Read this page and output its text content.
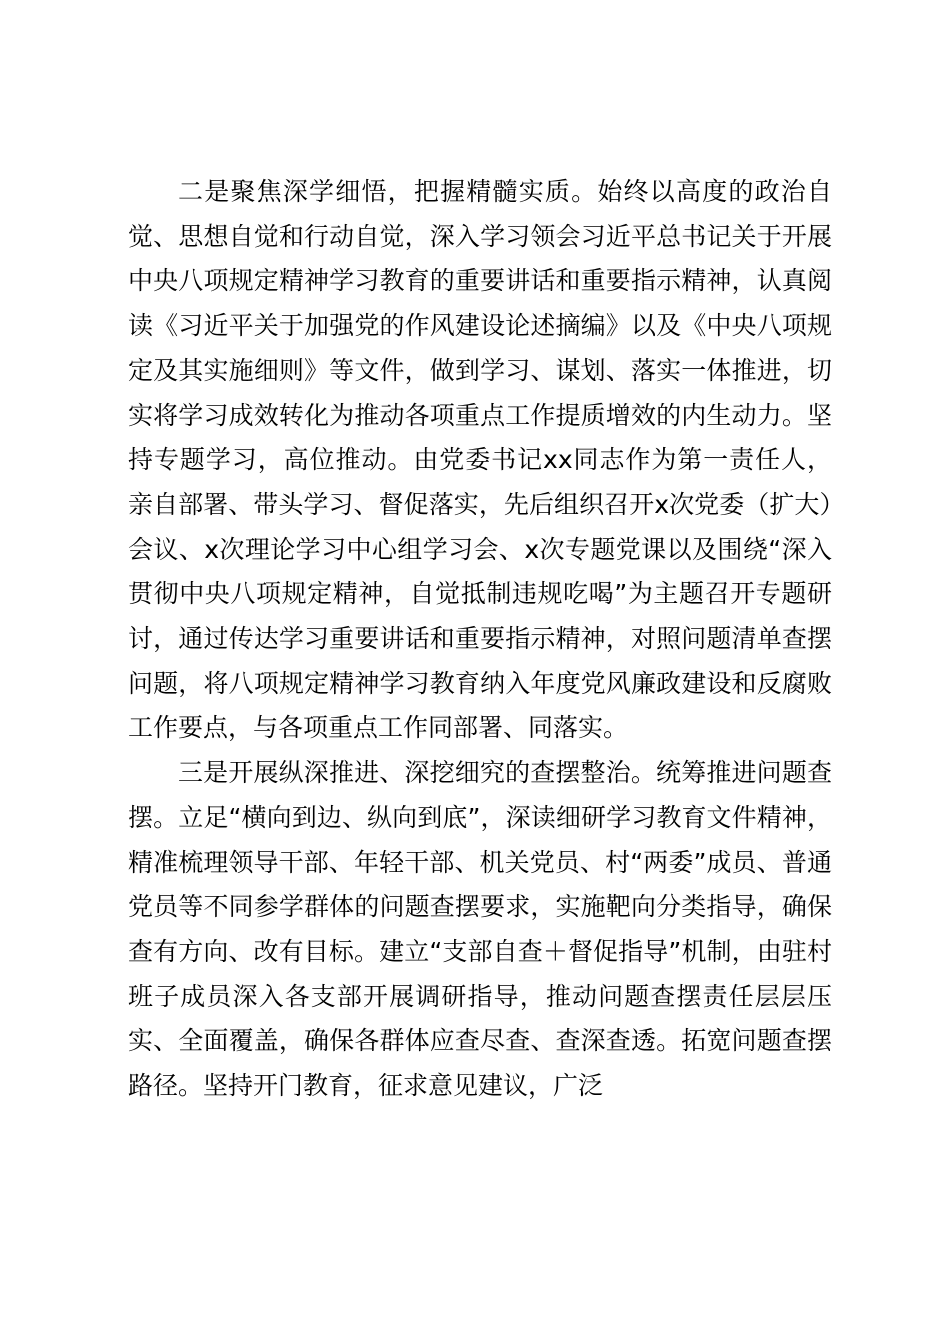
二是聚焦深学细悟，把握精髓实质。始终以高度的政治自觉、思想自觉和行动自觉，深入学习领会习近平总书记关于开展中央八项规定精神学习教育的重要讲话和重要指示精神，认真阅读《习近平关于加强党的作风建设论述摘编》以及《中央八项规定及其实施细则》等文件，做到学习、谋划、落实一体推进，切实将学习成效转化为推动各项重点工作提质增效的内生动力。坚持专题学习，高位推动。由党委书记xx同志作为第一责任人，亲自部署、带头学习、督促落实，先后组织召开x次党委（扩大）会议、x次理论学习中心组学习会、x次专题党课以及围绕“深入贯彻中央八项规定精神，自觉抵制违规吃喝”为主题召开专题研讨，通过传达学习重要讲话和重要指示精神，对照问题清单查摆问题，将八项规定精神学习教育纳入年度党风廉政建设和反腐败工作要点，与各项重点工作同部署、同落实。

三是开展纵深推进、深挖细究的查摆整治。统筹推进问题查摆。立足“横向到边、纵向到底”，深读细研学习教育文件精神，精准梳理领导干部、年轻干部、机关党员、村“两委”成员、普通党员等不同参学群体的问题查摆要求，实施靶向分类指导，确保查有方向、改有目标。建立“支部自查＋督促指导”机制，由驻村班子成员深入各支部开展调研指导，推动问题查摆责任层层压实、全面覆盖，确保各群体应查尽查、查深查透。拓宽问题查摆路径。坚持开门教育，征求意见建议，广泛
